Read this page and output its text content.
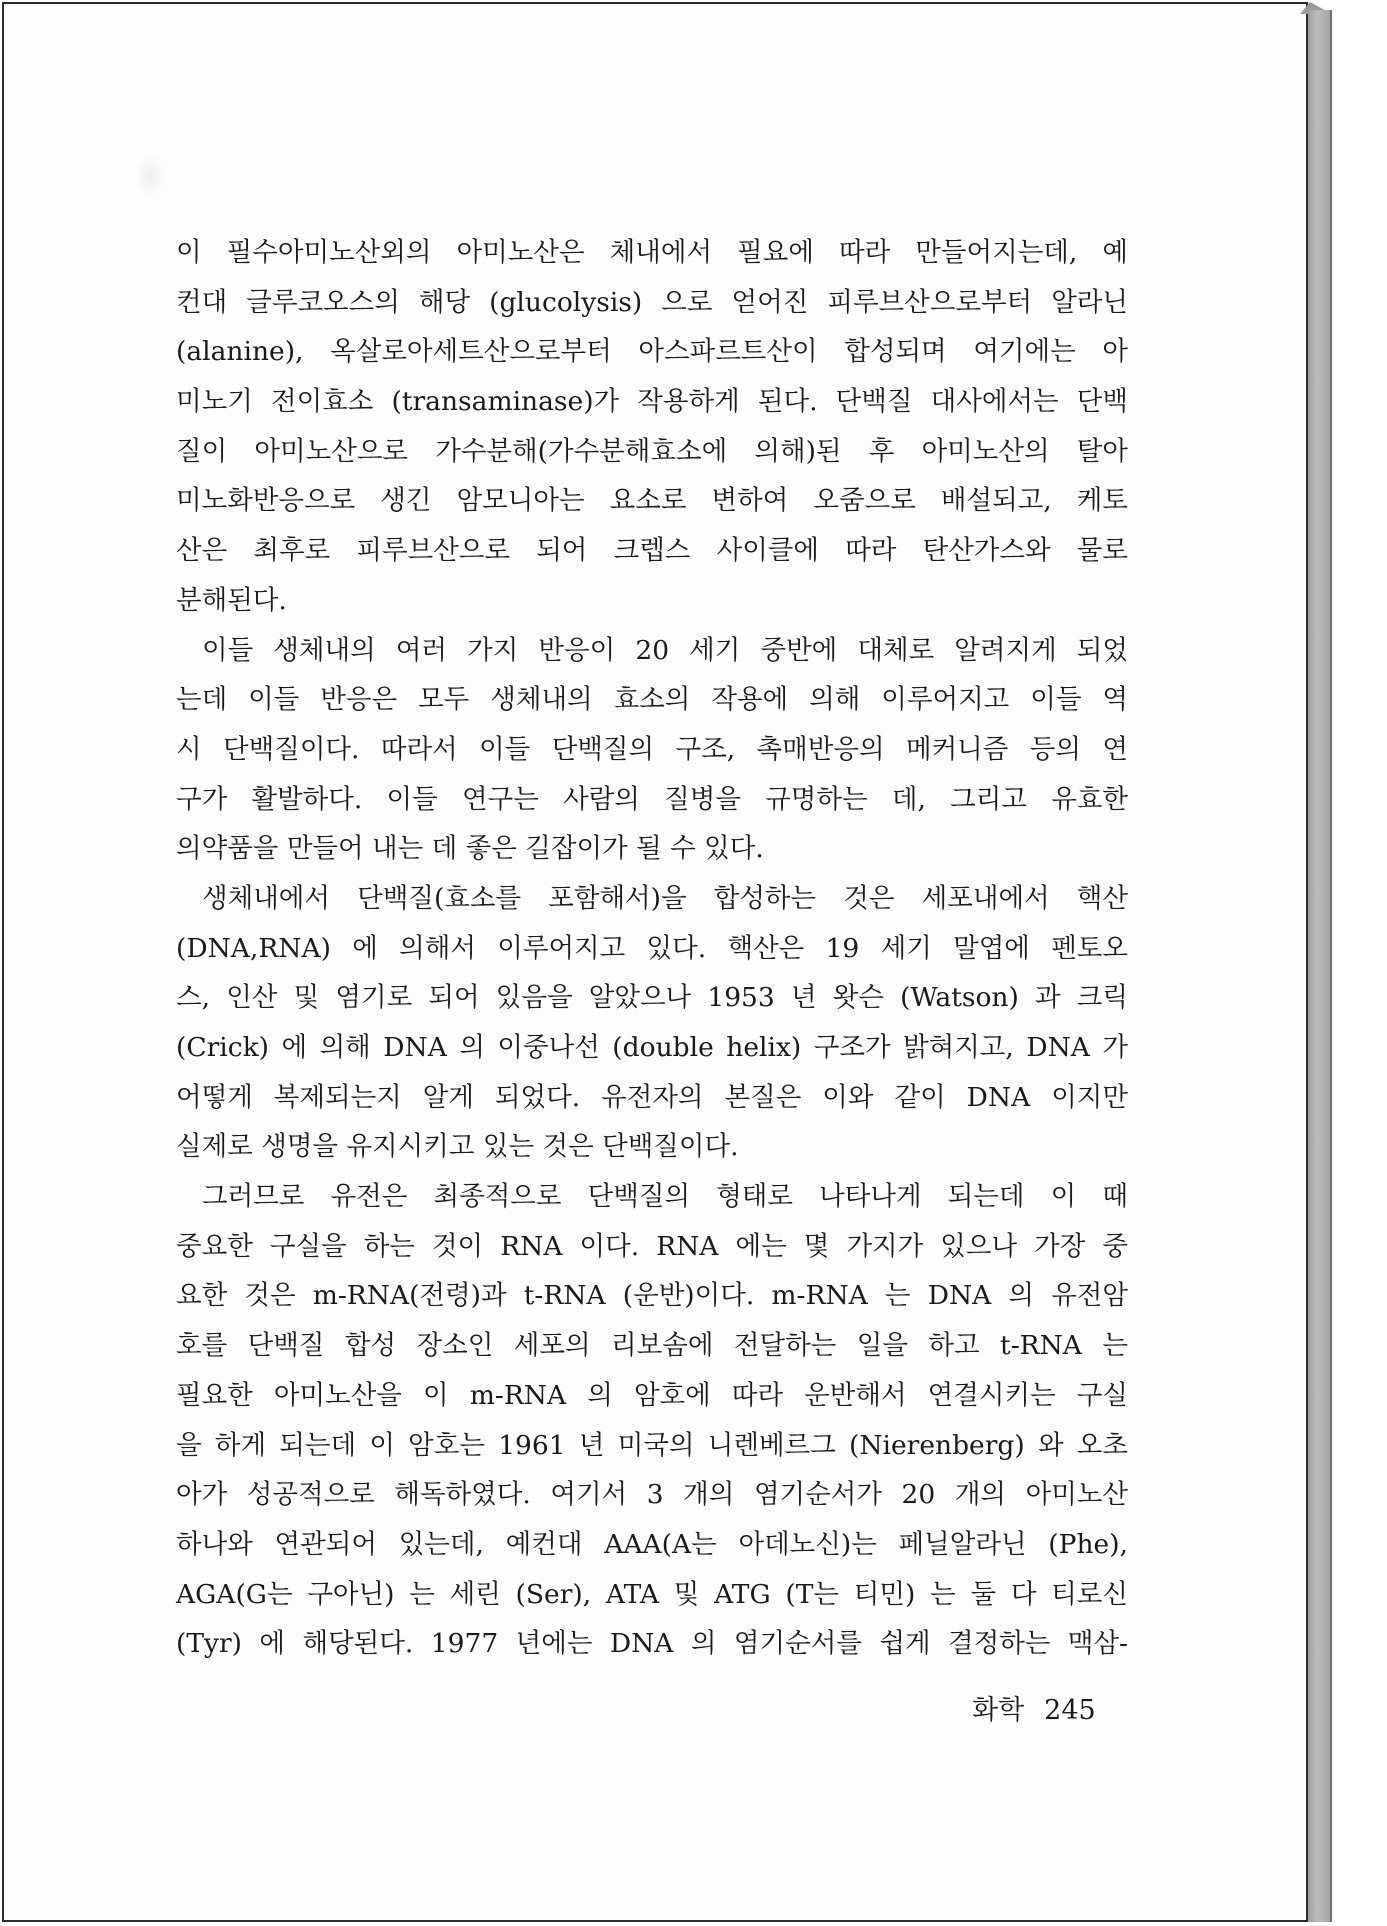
이 필수아미노산외의 아미노산은 체내에서 필요에 따라 만들어지는데, 예
컨대 글루코오스의 해당 (glucolysis) 으로 얻어진 피루브산으로부터 알라닌
(alanine), 옥살로아세트산으로부터 아스파르트산이 합성되며 여기에는 아
미노기 전이효소 (transaminase)가 작용하게 된다. 단백질 대사에서는 단백
질이 아미노산으로 가수분해(가수분해효소에 의해)된 후 아미노산의 탈아
미노화반응으로 생긴 암모니아는 요소로 변하여 오줌으로 배설되고, 케토
산은 최후로 피루브산으로 되어 크렙스 사이클에 따라 탄산가스와 물로
분해된다.
이들 생체내의 여러 가지 반응이 20 세기 중반에 대체로 알려지게 되었
는데 이들 반응은 모두 생체내의 효소의 작용에 의해 이루어지고 이들 역
시 단백질이다. 따라서 이들 단백질의 구조, 촉매반응의 메커니즘 등의 연
구가 활발하다. 이들 연구는 사람의 질병을 규명하는 데, 그리고 유효한
의약품을 만들어 내는 데 좋은 길잡이가 될 수 있다.
생체내에서 단백질(효소를 포함해서)을 합성하는 것은 세포내에서 핵산
(DNA,RNA) 에 의해서 이루어지고 있다. 핵산은 19 세기 말엽에 펜토오
스, 인산 및 염기로 되어 있음을 알았으나 1953 년 왓슨 (Watson) 과 크릭
(Crick) 에 의해 DNA 의 이중나선 (double helix) 구조가 밝혀지고, DNA 가
어떻게 복제되는지 알게 되었다. 유전자의 본질은 이와 같이 DNA 이지만
실제로 생명을 유지시키고 있는 것은 단백질이다.
그러므로 유전은 최종적으로 단백질의 형태로 나타나게 되는데 이 때
중요한 구실을 하는 것이 RNA 이다. RNA 에는 몇 가지가 있으나 가장 중
요한 것은 m-RNA(전령)과 t-RNA (운반)이다. m-RNA 는 DNA 의 유전암
호를 단백질 합성 장소인 세포의 리보솜에 전달하는 일을 하고 t-RNA 는
필요한 아미노산을 이 m-RNA 의 암호에 따라 운반해서 연결시키는 구실
을 하게 되는데 이 암호는 1961 년 미국의 니렌베르그 (Nierenberg) 와 오초
아가 성공적으로 해독하였다. 여기서 3 개의 염기순서가 20 개의 아미노산
하나와 연관되어 있는데, 예컨대 AAA(A는 아데노신)는 페닐알라닌 (Phe),
AGA(G는 구아닌) 는 세린 (Ser), ATA 및 ATG (T는 티민) 는 둘 다 티로신
(Tyr) 에 해당된다. 1977 년에는 DNA 의 염기순서를 쉽게 결정하는 맥삼-
화학 245
